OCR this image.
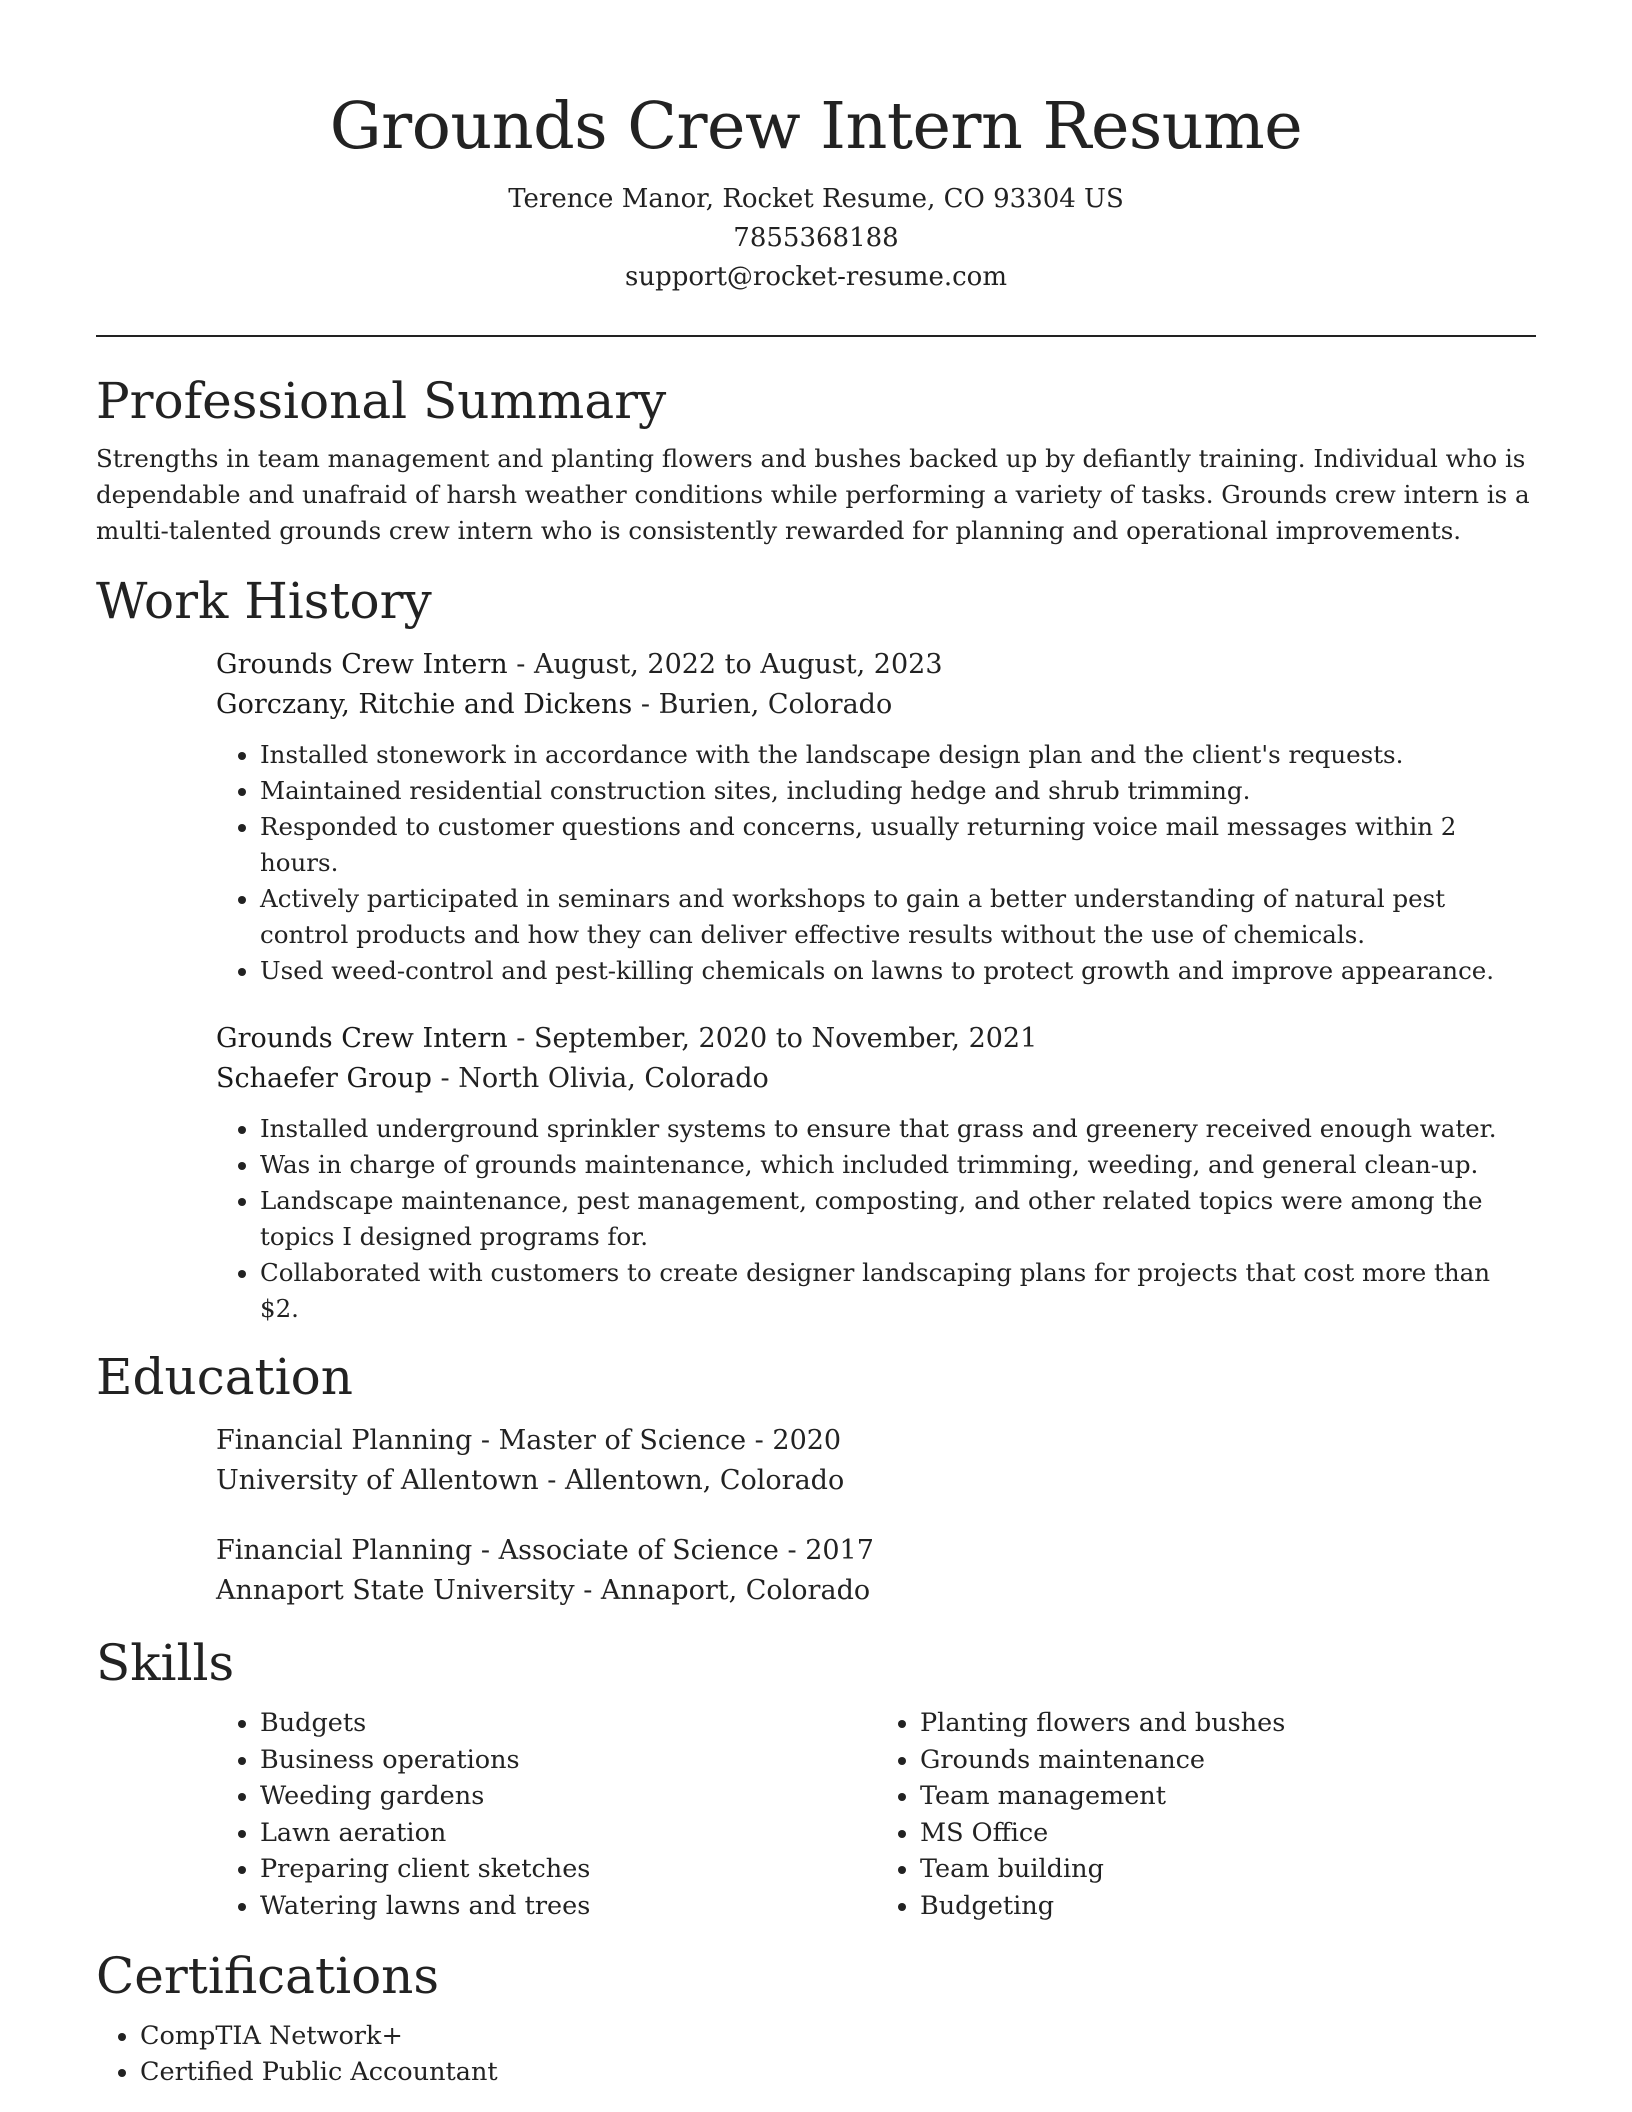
Grounds Crew Intern Resume
Terence Manor, Rocket Resume, CO 93304 US
7855368188
support@rocket-resume.com
Professional Summary

Strengths in team management and planting flowers and bushes backed up by defiantly training. Individual who is dependable and unafraid of harsh weather conditions while performing a variety of tasks. Grounds crew intern is a multi-talented grounds crew intern who is consistently rewarded for planning and operational improvements.

Work History
Grounds Crew Intern - August, 2022 to August, 2023
Gorczany, Ritchie and Dickens - Burien, Colorado
• Installed stonework in accordance with the landscape design plan and the client's requests.
• Maintained residential construction sites, including hedge and shrub trimming.
• Responded to customer questions and concerns, usually returning voice mail messages within 2 hours.
• Actively participated in seminars and workshops to gain a better understanding of natural pest control products and how they can deliver effective results without the use of chemicals.
• Used weed-control and pest-killing chemicals on lawns to protect growth and improve appearance.
Grounds Crew Intern - September, 2020 to November, 2021
Schaefer Group - North Olivia, Colorado
• Installed underground sprinkler systems to ensure that grass and greenery received enough water.
• Was in charge of grounds maintenance, which included trimming, weeding, and general clean-up.
• Landscape maintenance, pest management, composting, and other related topics were among the topics I designed programs for.
• Collaborated with customers to create designer landscaping plans for projects that cost more than $2.
Education
Financial Planning - Master of Science - 2020
University of Allentown - Allentown, Colorado
Financial Planning - Associate of Science - 2017
Annaport State University - Annaport, Colorado
Skills
• Budgets
• Business operations
• Weeding gardens
• Lawn aeration
• Preparing client sketches
• Watering lawns and trees
• Planting flowers and bushes
• Grounds maintenance
• Team management
• MS Office
• Team building
• Budgeting
Certifications
• CompTIA Network+
• Certified Public Accountant
